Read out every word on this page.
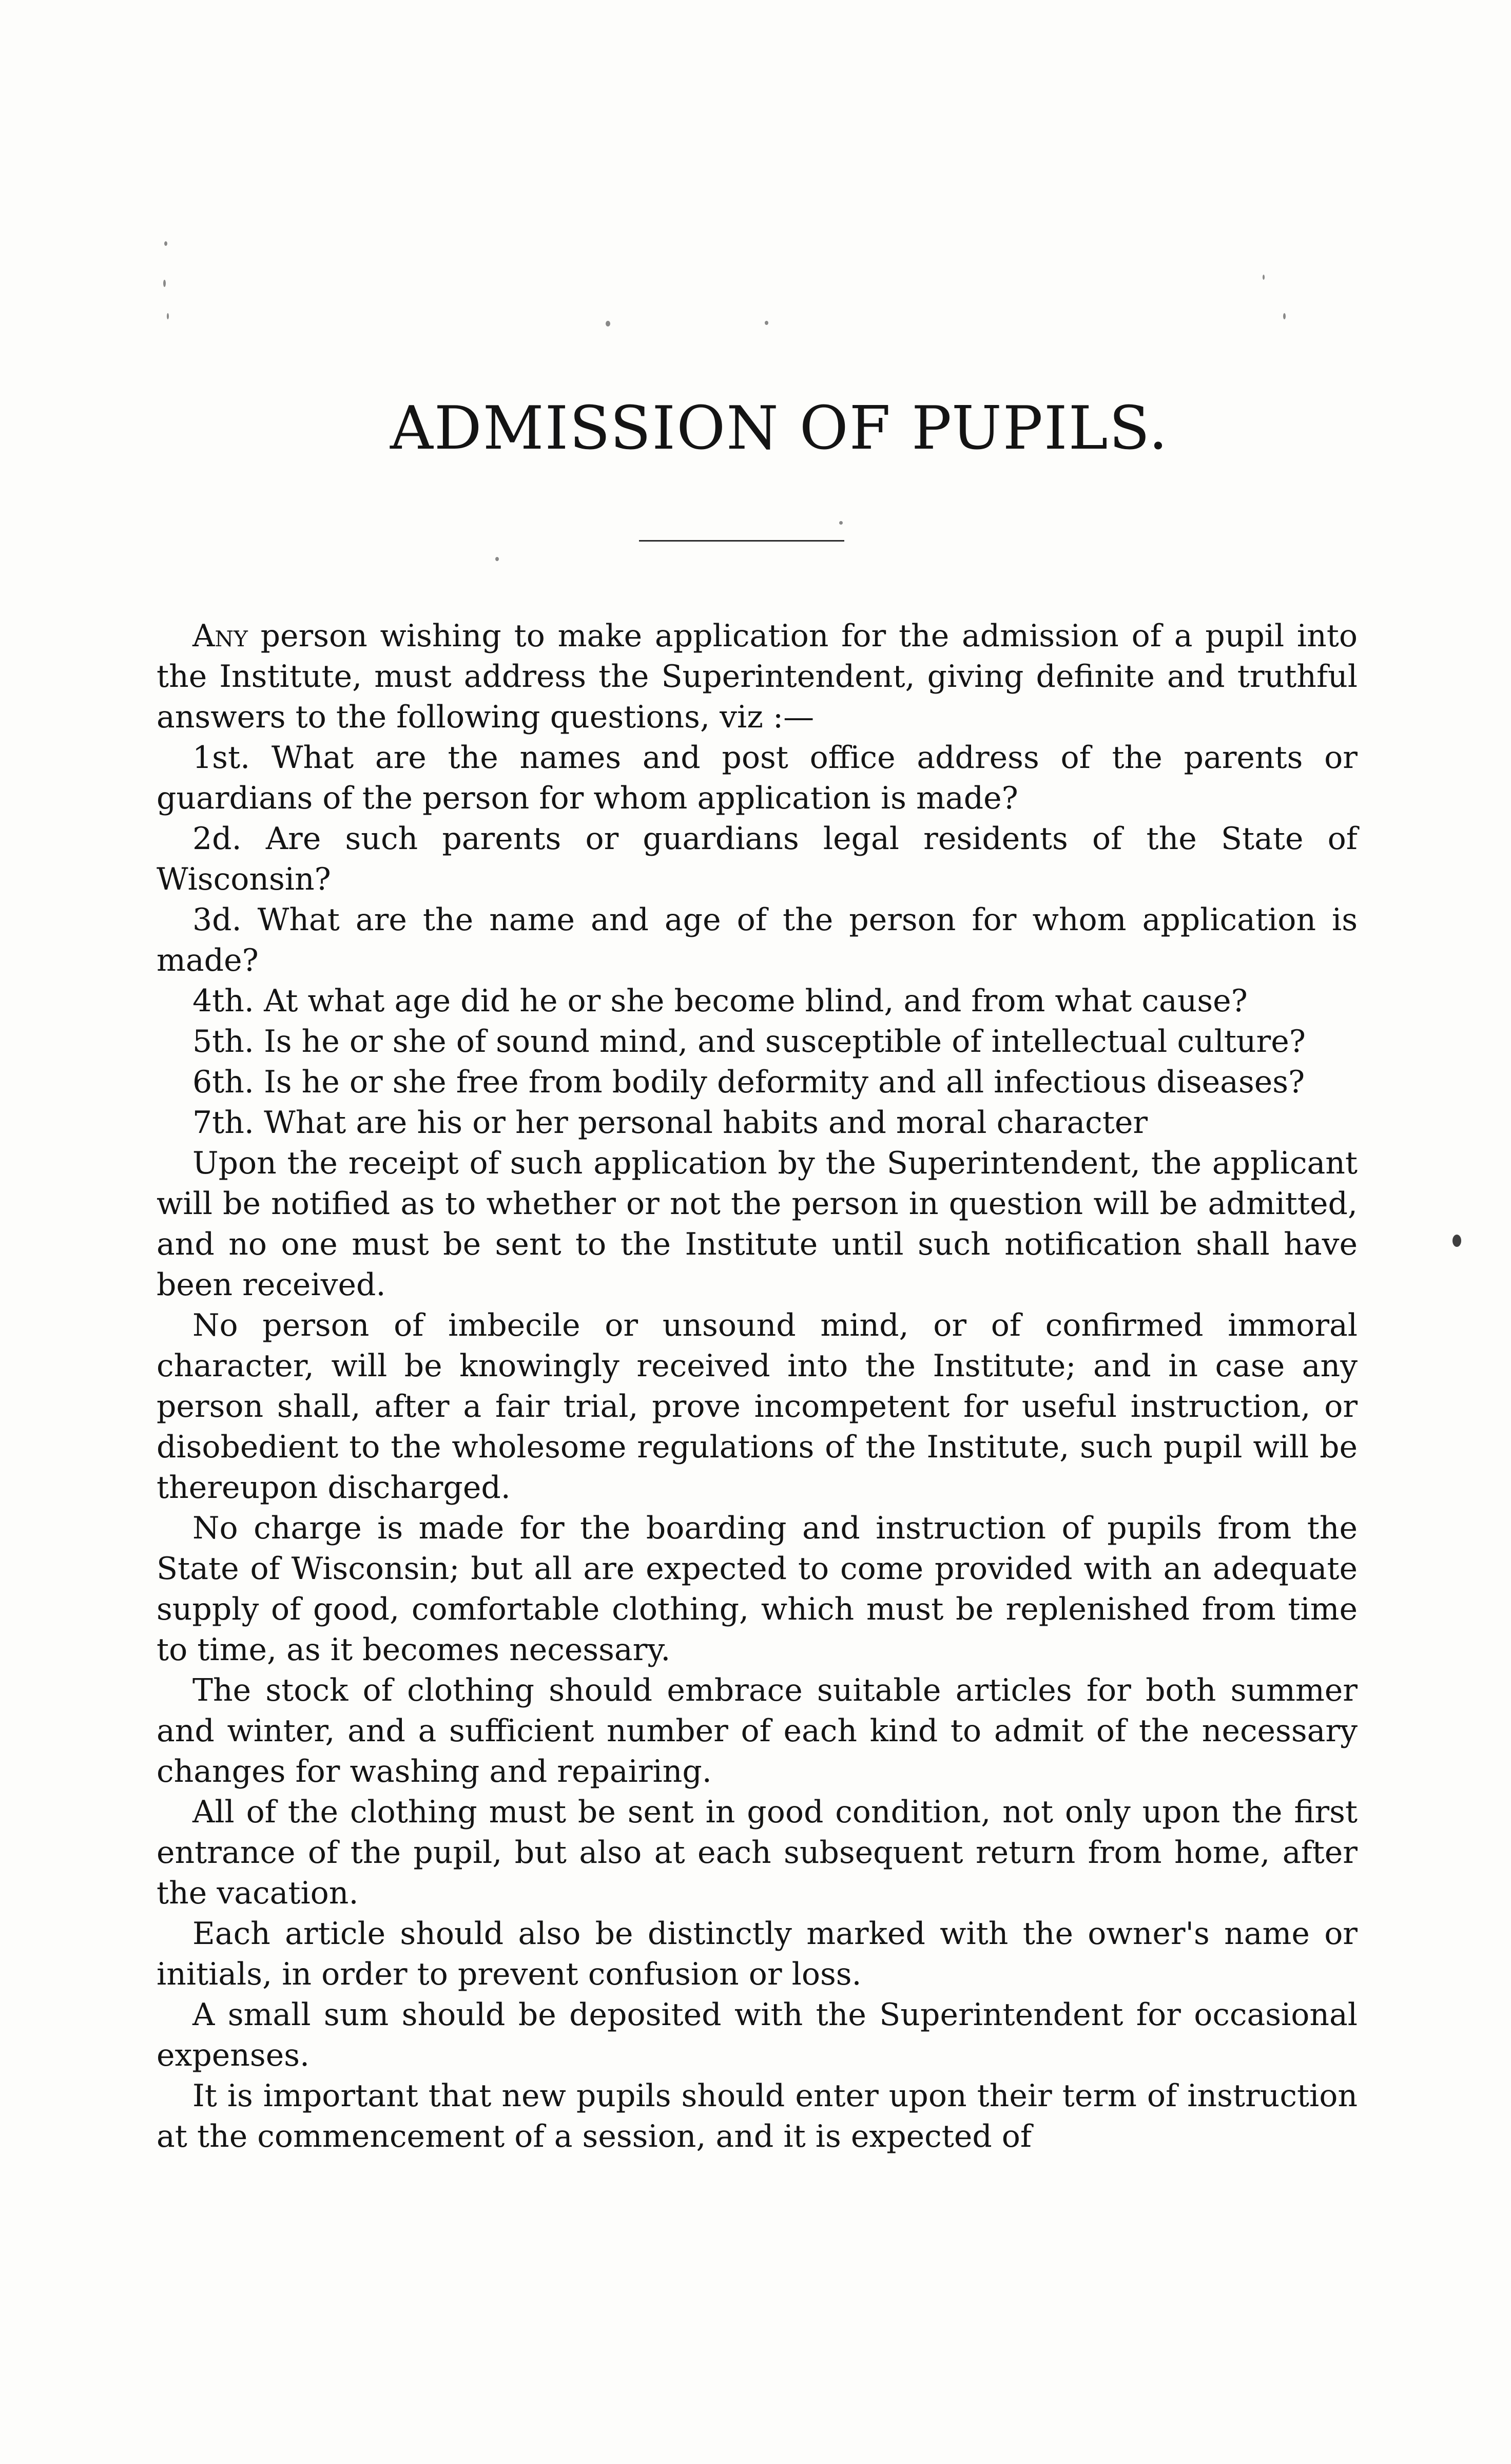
ADMISSION OF PUPILS.

Any person wishing to make application for the admission of a pupil into the Institute, must address the Superintendent, giving definite and truthful answers to the following questions, viz :—

1st. What are the names and post office address of the parents or guardians of the person for whom application is made?

2d. Are such parents or guardians legal residents of the State of Wisconsin?

3d. What are the name and age of the person for whom application is made?

4th. At what age did he or she become blind, and from what cause?

5th. Is he or she of sound mind, and susceptible of intellectual culture?

6th. Is he or she free from bodily deformity and all infectious diseases?

7th. What are his or her personal habits and moral character

Upon the receipt of such application by the Superintendent, the applicant will be notified as to whether or not the person in question will be admitted, and no one must be sent to the Institute until such notification shall have been received.

No person of imbecile or unsound mind, or of confirmed immoral character, will be knowingly received into the Institute; and in case any person shall, after a fair trial, prove incompetent for useful instruction, or disobedient to the wholesome regulations of the Institute, such pupil will be thereupon discharged.

No charge is made for the boarding and instruction of pupils from the State of Wisconsin; but all are expected to come provided with an adequate supply of good, comfortable clothing, which must be replenished from time to time, as it becomes necessary.

The stock of clothing should embrace suitable articles for both summer and winter, and a sufficient number of each kind to admit of the necessary changes for washing and repairing.

All of the clothing must be sent in good condition, not only upon the first entrance of the pupil, but also at each subsequent return from home, after the vacation.

Each article should also be distinctly marked with the owner's name or initials, in order to prevent confusion or loss.

A small sum should be deposited with the Superintendent for occasional expenses.

It is important that new pupils should enter upon their term of instruction at the commencement of a session, and it is expected of
